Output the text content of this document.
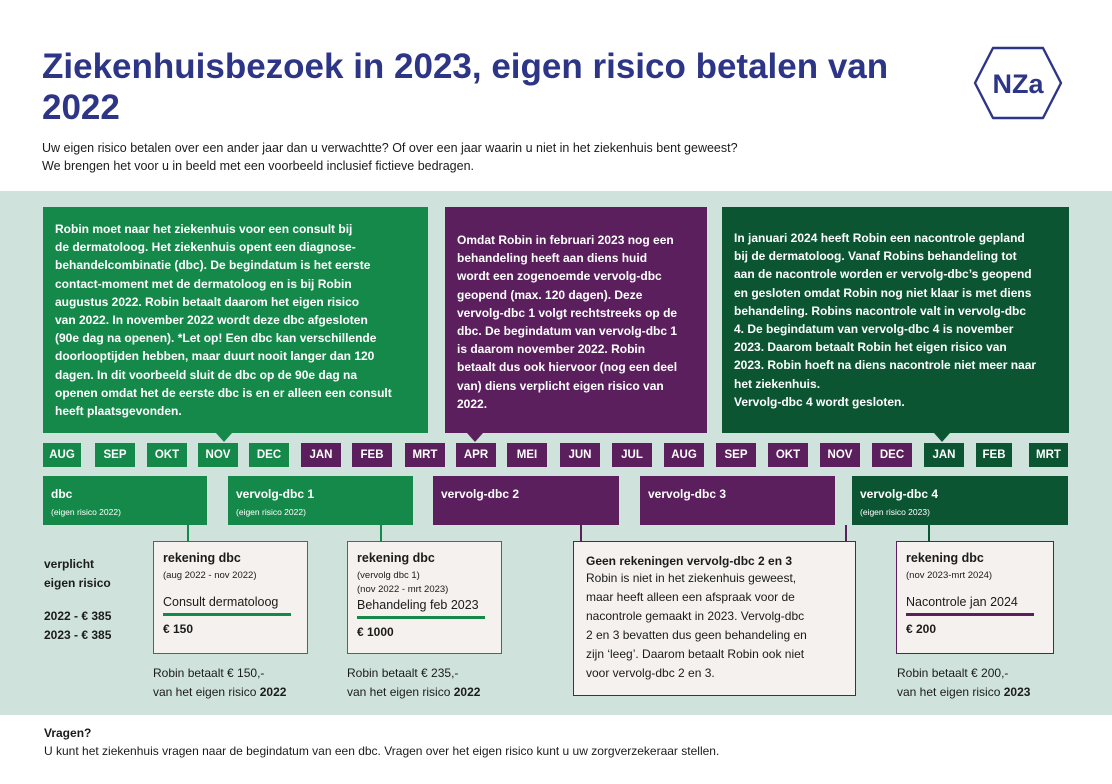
Ziekenhuisbezoek in 2023, eigen risico betalen van 2022
Uw eigen risico betalen over een ander jaar dan u verwachtte? Of over een jaar waarin u niet in het ziekenhuis bent geweest?
We brengen het voor u in beeld met een voorbeeld inclusief fictieve bedragen.
NZa
Robin moet naar het ziekenhuis voor een consult bij
de dermatoloog. Het ziekenhuis opent een diagnose-
behandelcombinatie (dbc). De begindatum is het eerste
contact-moment met de dermatoloog en is bij Robin
augustus 2022. Robin betaalt daarom het eigen risico
van 2022. In november 2022 wordt deze dbc afgesloten
(90e dag na openen). *Let op! Een dbc kan verschillende
doorlooptijden hebben, maar duurt nooit langer dan 120
dagen. In dit voorbeeld sluit de dbc op de 90e dag na
openen omdat het de eerste dbc is en er alleen een consult
heeft plaatsgevonden.
Omdat Robin in februari 2023 nog een
behandeling heeft aan diens huid
wordt een zogenoemde vervolg-dbc
geopend (max. 120 dagen). Deze
vervolg-dbc 1 volgt rechtstreeks op de
dbc. De begindatum van vervolg-dbc 1
is daarom november 2022. Robin
betaalt dus ook hiervoor (nog een deel
van) diens verplicht eigen risico van
2022.
In januari 2024 heeft Robin een nacontrole gepland
bij de dermatoloog. Vanaf Robins behandeling tot
aan de nacontrole worden er vervolg-dbc’s geopend
en gesloten omdat Robin nog niet klaar is met diens
behandeling. Robins nacontrole valt in vervolg-dbc
4. De begindatum van vervolg-dbc 4 is november
2023. Daarom betaalt Robin het eigen risico van
2023. Robin hoeft na diens nacontrole niet meer naar
het ziekenhuis.
Vervolg-dbc 4 wordt gesloten.
AUG	SEP	OKT	NOV	DEC	JAN	FEB	MRT	APR	MEI	JUN	JUL	AUG	SEP	OKT	NOV	DEC	JAN	FEB	MRT
dbc
(eigen risico 2022)
vervolg-dbc 1
(eigen risico 2022)
vervolg-dbc 2	vervolg-dbc 3	vervolg-dbc 4
(eigen risico 2023)
verplicht
eigen risico
2022 - € 385
2023 - € 385
rekening dbc
(aug 2022 - nov 2022)
Consult dermatoloog
€ 150
rekening dbc
(vervolg dbc 1)
(nov 2022 - mrt 2023)
Behandeling feb 2023
€ 1000
Geen rekeningen vervolg-dbc 2 en 3
Robin is niet in het ziekenhuis geweest,
maar heeft alleen een afspraak voor de
nacontrole gemaakt in 2023. Vervolg-dbc
2 en 3 bevatten dus geen behandeling en
zijn ‘leeg’. Daarom betaalt Robin ook niet
voor vervolg-dbc 2 en 3.
rekening dbc
(nov 2023-mrt 2024)
Nacontrole jan 2024
€ 200
Robin betaalt € 150,-
van het eigen risico 2022
Robin betaalt € 235,-
van het eigen risico 2022
Robin betaalt € 200,-
van het eigen risico 2023
Vragen?
U kunt het ziekenhuis vragen naar de begindatum van een dbc. Vragen over het eigen risico kunt u uw zorgverzekeraar stellen.
